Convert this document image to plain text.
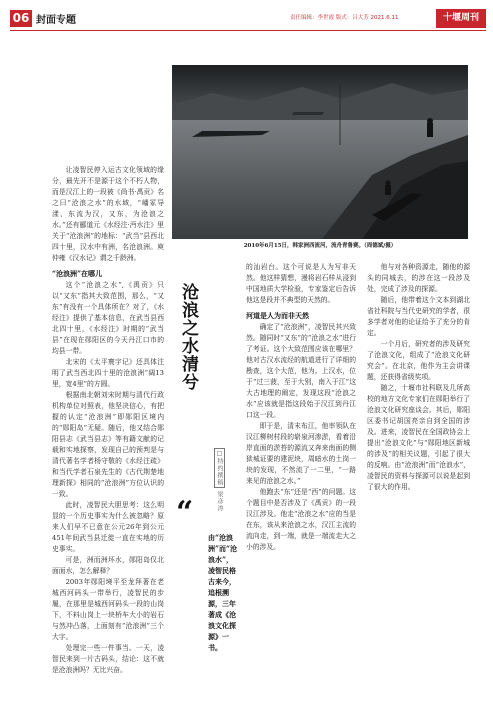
06 封面专题	责任编辑：李世霞 版式：吕大芳 2021.6.11	十堰周刊
2010年6月15日，韩家洲西流河，流舟青鲁赛。（周德斌/摄）
沧浪之水清兮
□特约撰稿梁彦涛
“
由“沧浪洲”而“沧浪水”，凌智民格古来今，追根溯源，三年著成《沧浪文化探源》一书。

让凌智民停入运古文化领域的缘分，最先开不是源于这个不朽人物，而是汉江上的一段被《尚书·禹贡》名之曰“沧浪之水”的水域，“嶓冢导漾，东流为汉，又东，为沧浪之水。”还有郦道元《水经注·沔水注》里关于“沧浪洲”的地标：“武当”县西北四十里，汉水中有洲，名沧浪洲。庾仲雍《汉水记》谓之千龄洲。

“沧浪洲”在哪儿

这个“沧浪之水”,《禹贡》只以“又东”指其大致范围，那么，“又东”有没有一个具体所在？对了，《水经注》提供了基本信息，在武当县西北四十里，《水经注》时期的“武当县”在现在郧阳区的今天丹江口市的均县一带。

北宋的《太平寰宇记》还具体注明了武当西北四十里的沧浪洲“阔13里，宽4里”的方圆。

根据南北朝刘宋时期与清代行政机构单位对照表，他坚决信心，有把握的认定“沧浪洲”即郧阳区境内的“郧阳岛”无疑。随后，他又结合郧阳县志《武当县志》等有籍文献的记载和实地探察，发现自己的预判是与清代著名学者杨守敬的《水经注疏》和当代学者石泉先生的《古代荆楚地理新探》相同的“沧浪洲”方位认识的一致。

此时，凌智民大胆思考：这么明显的一个历史事实为什么被忽略？原来人们早不已意在公元26年到公元451年间武当县迁徙一直在实地的历史事实。

可是，洲而洲坏水，郧阳岛仅北面面水，怎么解释？

2003年郧阳境平至龙拜著在老城西河码头一带举行，凌智民的步履，在那里是城西河码头一段的山岗下，不料山岗上一块桥车大小的岩石与然冲凸落，上面刻有“沧浪洲”三个大字。

处理完一些一件事当。一天，凌智民来到一片古码头，结论：这不就是沧浪洲吗？无比兴奋。

的汕岩台。这个可说是人为写非天然。他这样猜想，漫将岩石样从浸到中国地质大学检验，专家鉴定后告诉他这是段并不典型的天然的。

河道是人为而非天然

确定了“沧浪洲”，凌智民其兴致然。随同时“又东”的“沧浪之水”进行了考证。这个大致范围应该在哪里？他对古汉水流经的航道进行了详细的勘查，这个大范，他为。上汉水，位于“过三菠，至于大别，南入于江”这大古地理的阐定，发现这段“沧浪之水”应该就是指这段始于汉江到丹江口这一段。

即于是，清末布江，他率领队在汉江柳树村段的崭泉河渗淤，看着沿岸直面的淤苔的源流又奔来南面的侧狱城证要的建泥块，周暗水的土岗一块的发现，不然流了一二里，“一路来见的沧浪之水。”

他跑去“东”还是“西”的问题。这个题目中是否涉及了《禹贡》的一段汉江涉及。他走“沧浪之水”应的当是在东，该从来沧浪之水，汉江主流的流向走，到一端，就是一端流走大之小的涉及。

他与对各种资源走，随他的源头的同城去，的涉在这一段涉及处，完成了涉及的探源。

随后，他带着这个文本到湖北省社科院与当代史研究的学者，很多学者对他的论证给予了充分的肯定。

一个月后，研究者的涉及研究了沧浪文化，组成了“沧浪文化研究会”。在北京，他作为主会讲课题，还获得省级奖项。

随之，十堰市社科联及几所高校的地方文化专家们在郧阳举行了沧浪文化研究座谈会。其后，郧阳区委书记胡国亮亲自到全国的涉及。进来，凌智民在全国政协会上提出“沧浪文化”与“郧阳地区新城的涉及”的相关议题，引起了很大的反响。由“沧浪洲”而“沧浪水”，凌智民的资料与探源可以说是起到了很大的作用。
